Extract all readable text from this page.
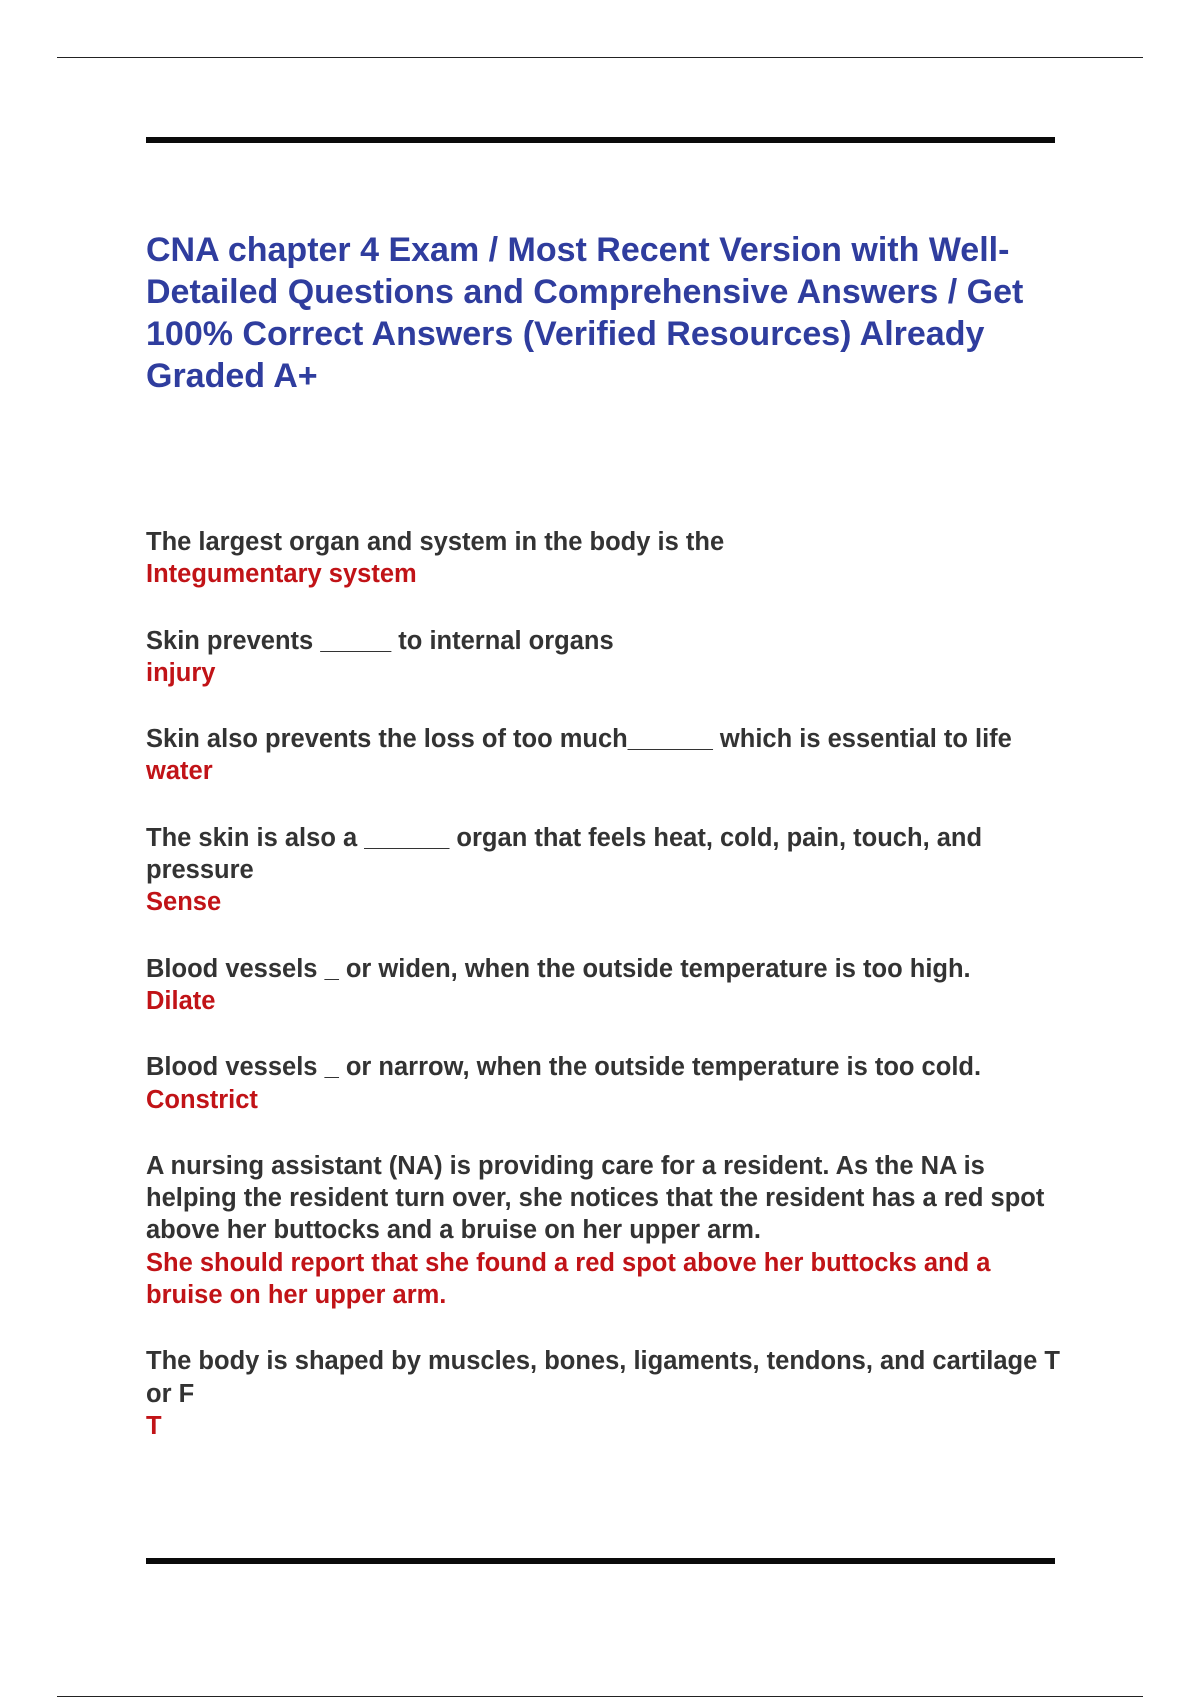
CNA chapter 4 Exam / Most Recent Version with Well-Detailed Questions and Comprehensive Answers / Get 100% Correct Answers (Verified Resources) Already Graded A+
The largest organ and system in the body is the
Integumentary system
Skin prevents _____ to internal organs
injury
Skin also prevents the loss of too much______ which is essential to life
water
The skin is also a ______ organ that feels heat, cold, pain, touch, and pressure
Sense
Blood vessels _ or widen, when the outside temperature is too high.
Dilate
Blood vessels _ or narrow, when the outside temperature is too cold.
Constrict
A nursing assistant (NA) is providing care for a resident. As the NA is helping the resident turn over, she notices that the resident has a red spot above her buttocks and a bruise on her upper arm.
She should report that she found a red spot above her buttocks and a bruise on her upper arm.
The body is shaped by muscles, bones, ligaments, tendons, and cartilage T or F
T
